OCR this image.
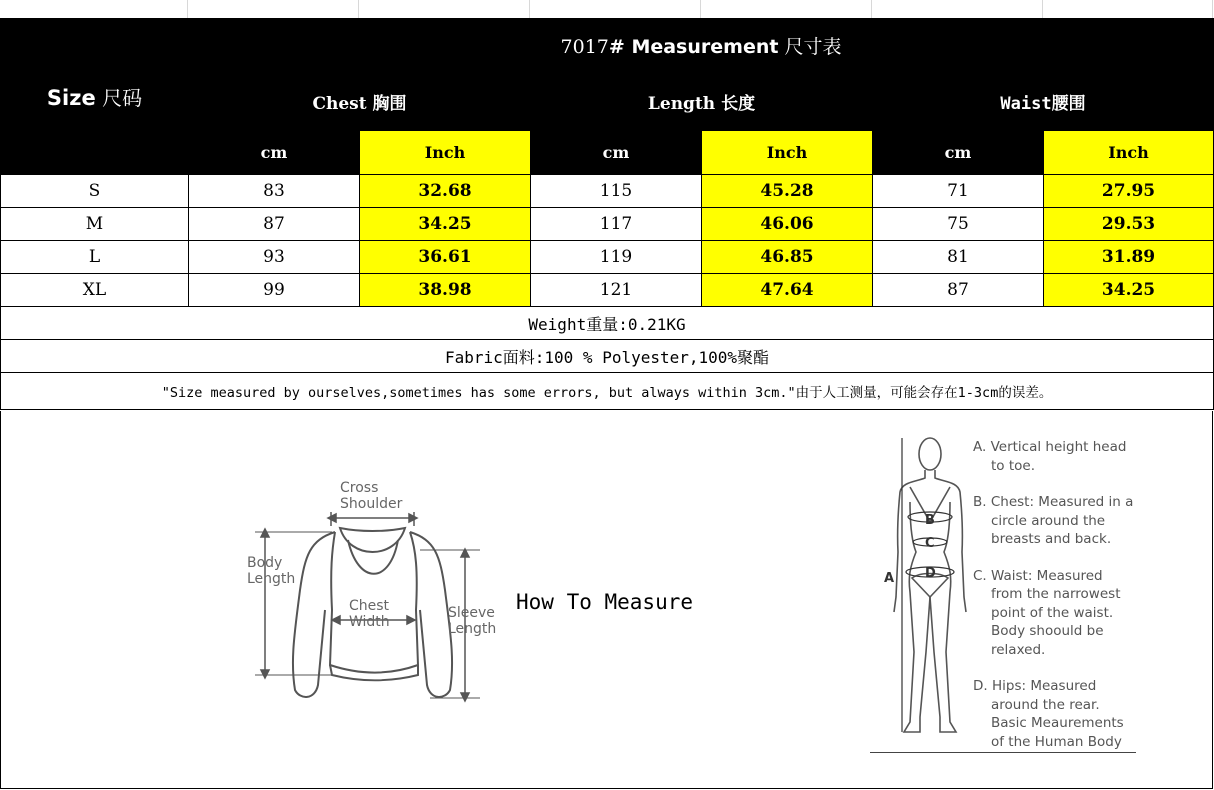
Size 尺码	7017# Measurement 尺寸表					
	Chest 胸围		Length 长度		Waist腰围	
	cm	Inch	cm	Inch	cm	Inch
S	83	32.68	115	45.28	71	27.95
M	87	34.25	117	46.06	75	29.53
L	93	36.61	119	46.85	81	31.89
XL	99	38.98	121	47.64	87	34.25
Weight重量:0.21KG						
Fabric面料:100 % Polyester,100%聚酯						
"Size measured by ourselves,sometimes has some errors, but always within 3cm."由于人工测量，可能会存在1-3cm的误差。						
Cross
Shoulder
Body
Length
Chest
Width
Sleeve
Length
How To Measure
B
C
D
A

A. Vertical height head

to toe.

B. Chest: Measured in a

circle around the
breasts and back.

C. Waist: Measured

from the narrowest
point of the waist.
Body shoould be
relaxed.

D. Hips: Measured

around the rear.
Basic Meaurements
of the Human Body
